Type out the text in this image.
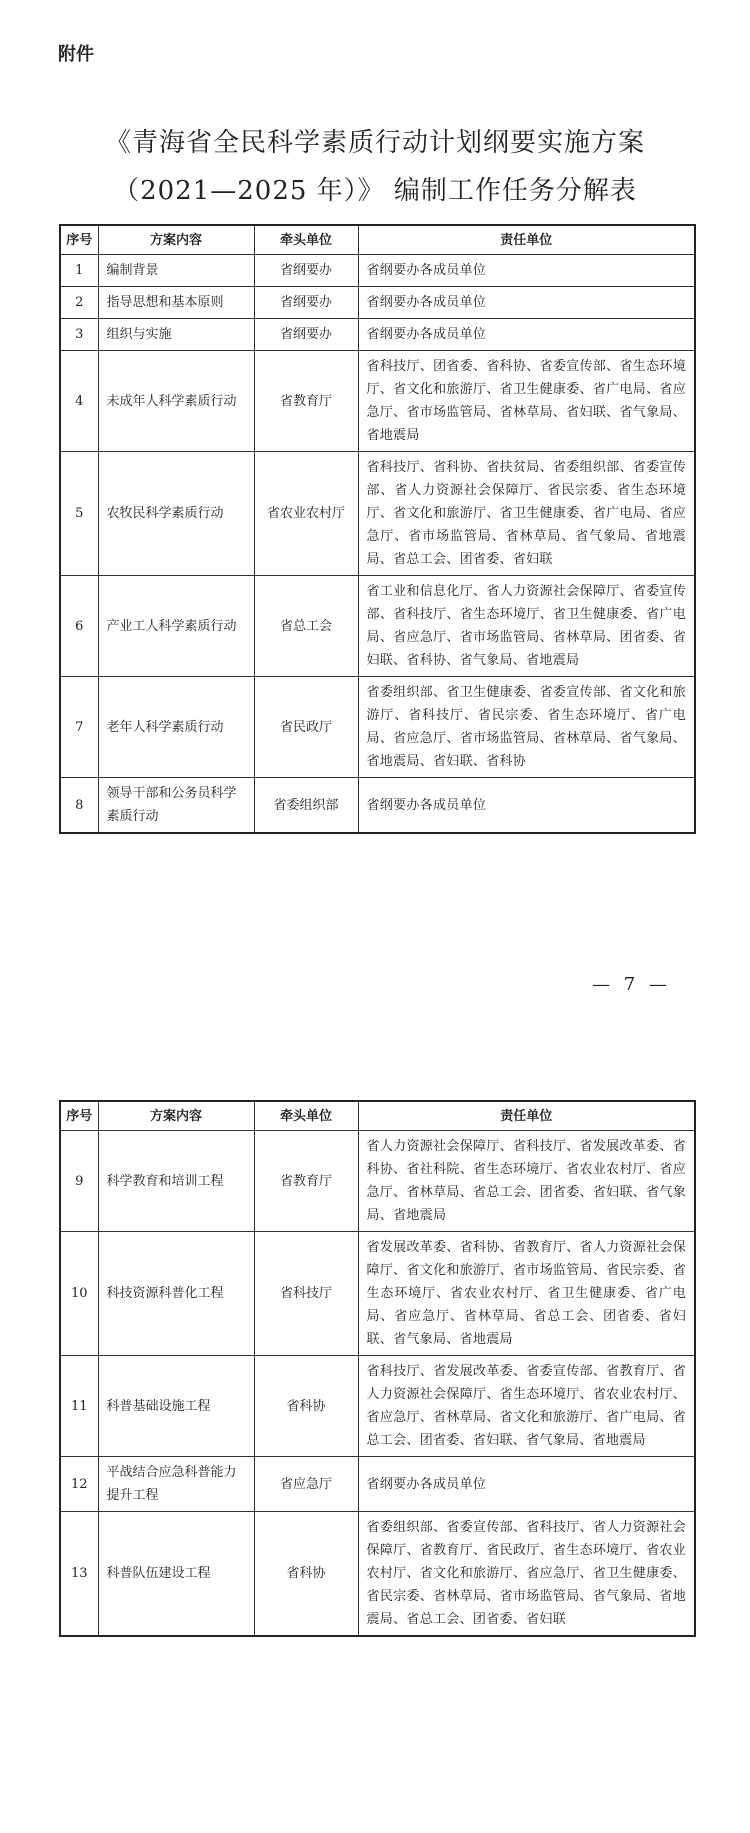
附件
《青海省全民科学素质行动计划纲要实施方案
（2021—2025 年）》 编制工作任务分解表
序号	方案内容	牵头单位	责任单位
1	编制背景	省纲要办	省纲要办各成员单位
2	指导思想和基本原则	省纲要办	省纲要办各成员单位
3	组织与实施	省纲要办	省纲要办各成员单位
4	未成年人科学素质行动	省教育厅	省科技厅、团省委、省科协、省委宣传部、省生态环境厅、省文化和旅游厅、省卫生健康委、省广电局、省应急厅、省市场监管局、省林草局、省妇联、省气象局、省地震局
5	农牧民科学素质行动	省农业农村厅	省科技厅、省科协、省扶贫局、省委组织部、省委宣传部、省人力资源社会保障厅、省民宗委、省生态环境厅、省文化和旅游厅、省卫生健康委、省广电局、省应急厅、省市场监管局、省林草局、省气象局、省地震局、省总工会、团省委、省妇联
6	产业工人科学素质行动	省总工会	省工业和信息化厅、省人力资源社会保障厅、省委宣传部、省科技厅、省生态环境厅、省卫生健康委、省广电局、省应急厅、省市场监管局、省林草局、团省委、省妇联、省科协、省气象局、省地震局
7	老年人科学素质行动	省民政厅	省委组织部、省卫生健康委、省委宣传部、省文化和旅游厅、省科技厅、省民宗委、省生态环境厅、省广电局、省应急厅、省市场监管局、省林草局、省气象局、省地震局、省妇联、省科协
8	领导干部和公务员科学素质行动	省委组织部	省纲要办各成员单位
— 7 —
序号	方案内容	牵头单位	责任单位
9	科学教育和培训工程	省教育厅	省人力资源社会保障厅、省科技厅、省发展改革委、省科协、省社科院、省生态环境厅、省农业农村厅、省应急厅、省林草局、省总工会、团省委、省妇联、省气象局、省地震局
10	科技资源科普化工程	省科技厅	省发展改革委、省科协、省教育厅、省人力资源社会保障厅、省文化和旅游厅、省市场监管局、省民宗委、省生态环境厅、省农业农村厅、省卫生健康委、省广电局、省应急厅、省林草局、省总工会、团省委、省妇联、省气象局、省地震局
11	科普基础设施工程	省科协	省科技厅、省发展改革委、省委宣传部、省教育厅、省人力资源社会保障厅、省生态环境厅、省农业农村厅、省应急厅、省林草局、省文化和旅游厅、省广电局、省总工会、团省委、省妇联、省气象局、省地震局
12	平战结合应急科普能力提升工程	省应急厅	省纲要办各成员单位
13	科普队伍建设工程	省科协	省委组织部、省委宣传部、省科技厅、省人力资源社会保障厅、省教育厅、省民政厅、省生态环境厅、省农业农村厅、省文化和旅游厅、省应急厅、省卫生健康委、省民宗委、省林草局、省市场监管局、省气象局、省地震局、省总工会、团省委、省妇联
